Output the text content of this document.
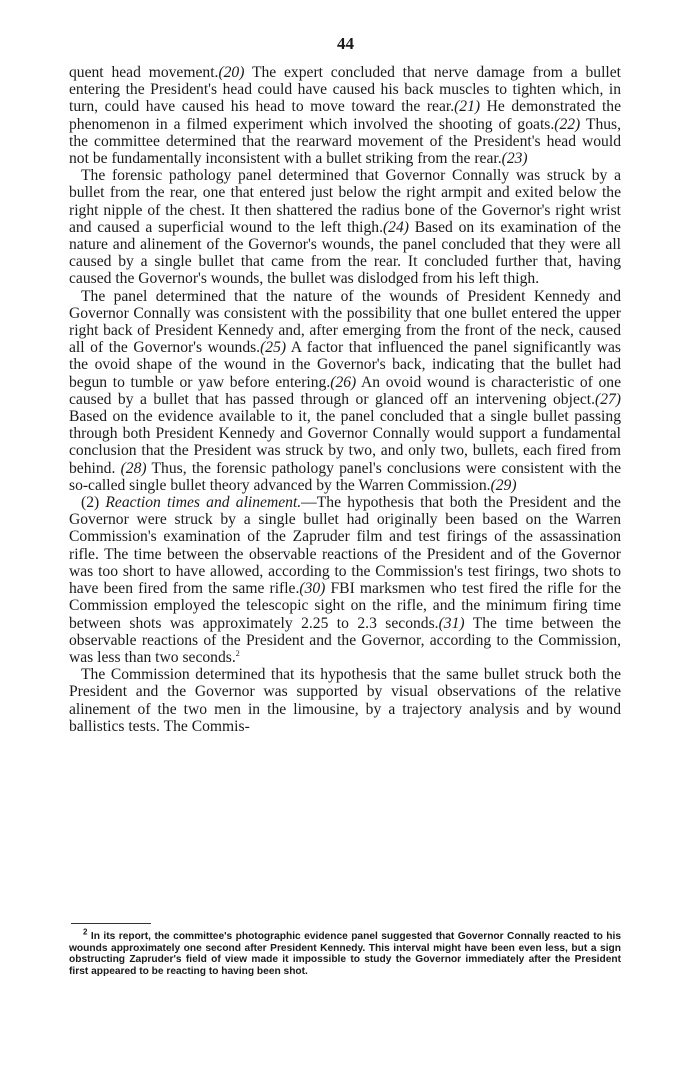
44

quent head movement.(20) The expert concluded that nerve damage from a bullet entering the President's head could have caused his back muscles to tighten which, in turn, could have caused his head to move toward the rear.(21) He demonstrated the phenomenon in a filmed experiment which involved the shooting of goats.(22) Thus, the committee determined that the rearward movement of the President's head would not be fundamentally inconsistent with a bullet striking from the rear.(23)

The forensic pathology panel determined that Governor Connally was struck by a bullet from the rear, one that entered just below the right armpit and exited below the right nipple of the chest. It then shattered the radius bone of the Governor's right wrist and caused a superficial wound to the left thigh.(24) Based on its examination of the nature and alinement of the Governor's wounds, the panel concluded that they were all caused by a single bullet that came from the rear. It concluded further that, having caused the Governor's wounds, the bullet was dislodged from his left thigh.

The panel determined that the nature of the wounds of President Kennedy and Governor Connally was consistent with the possibility that one bullet entered the upper right back of President Kennedy and, after emerging from the front of the neck, caused all of the Governor's wounds.(25) A factor that influenced the panel significantly was the ovoid shape of the wound in the Governor's back, indicating that the bullet had begun to tumble or yaw before entering.(26) An ovoid wound is characteristic of one caused by a bullet that has passed through or glanced off an intervening object.(27) Based on the evidence available to it, the panel concluded that a single bullet passing through both President Kennedy and Governor Connally would support a fundamental conclusion that the President was struck by two, and only two, bullets, each fired from behind. (28) Thus, the forensic pathology panel's conclusions were consistent with the so-called single bullet theory advanced by the Warren Commission.(29)

(2) Reaction times and alinement.—The hypothesis that both the President and the Governor were struck by a single bullet had originally been based on the Warren Commission's examination of the Zapruder film and test firings of the assassination rifle. The time between the observable reactions of the President and of the Governor was too short to have allowed, according to the Commission's test firings, two shots to have been fired from the same rifle.(30) FBI marksmen who test fired the rifle for the Commission employed the telescopic sight on the rifle, and the minimum firing time between shots was approximately 2.25 to 2.3 seconds.(31) The time between the observable reactions of the President and the Governor, according to the Commission, was less than two seconds.$^2$

The Commission determined that its hypothesis that the same bullet struck both the President and the Governor was supported by visual observations of the relative alinement of the two men in the limousine, by a trajectory analysis and by wound ballistics tests. The Commis-

$^2$ In its report, the committee's photographic evidence panel suggested that Governor Connally reacted to his wounds approximately one second after President Kennedy. This interval might have been even less, but a sign obstructing Zapruder's field of view made it impossible to study the Governor immediately after the President first appeared to be reacting to having been shot.
